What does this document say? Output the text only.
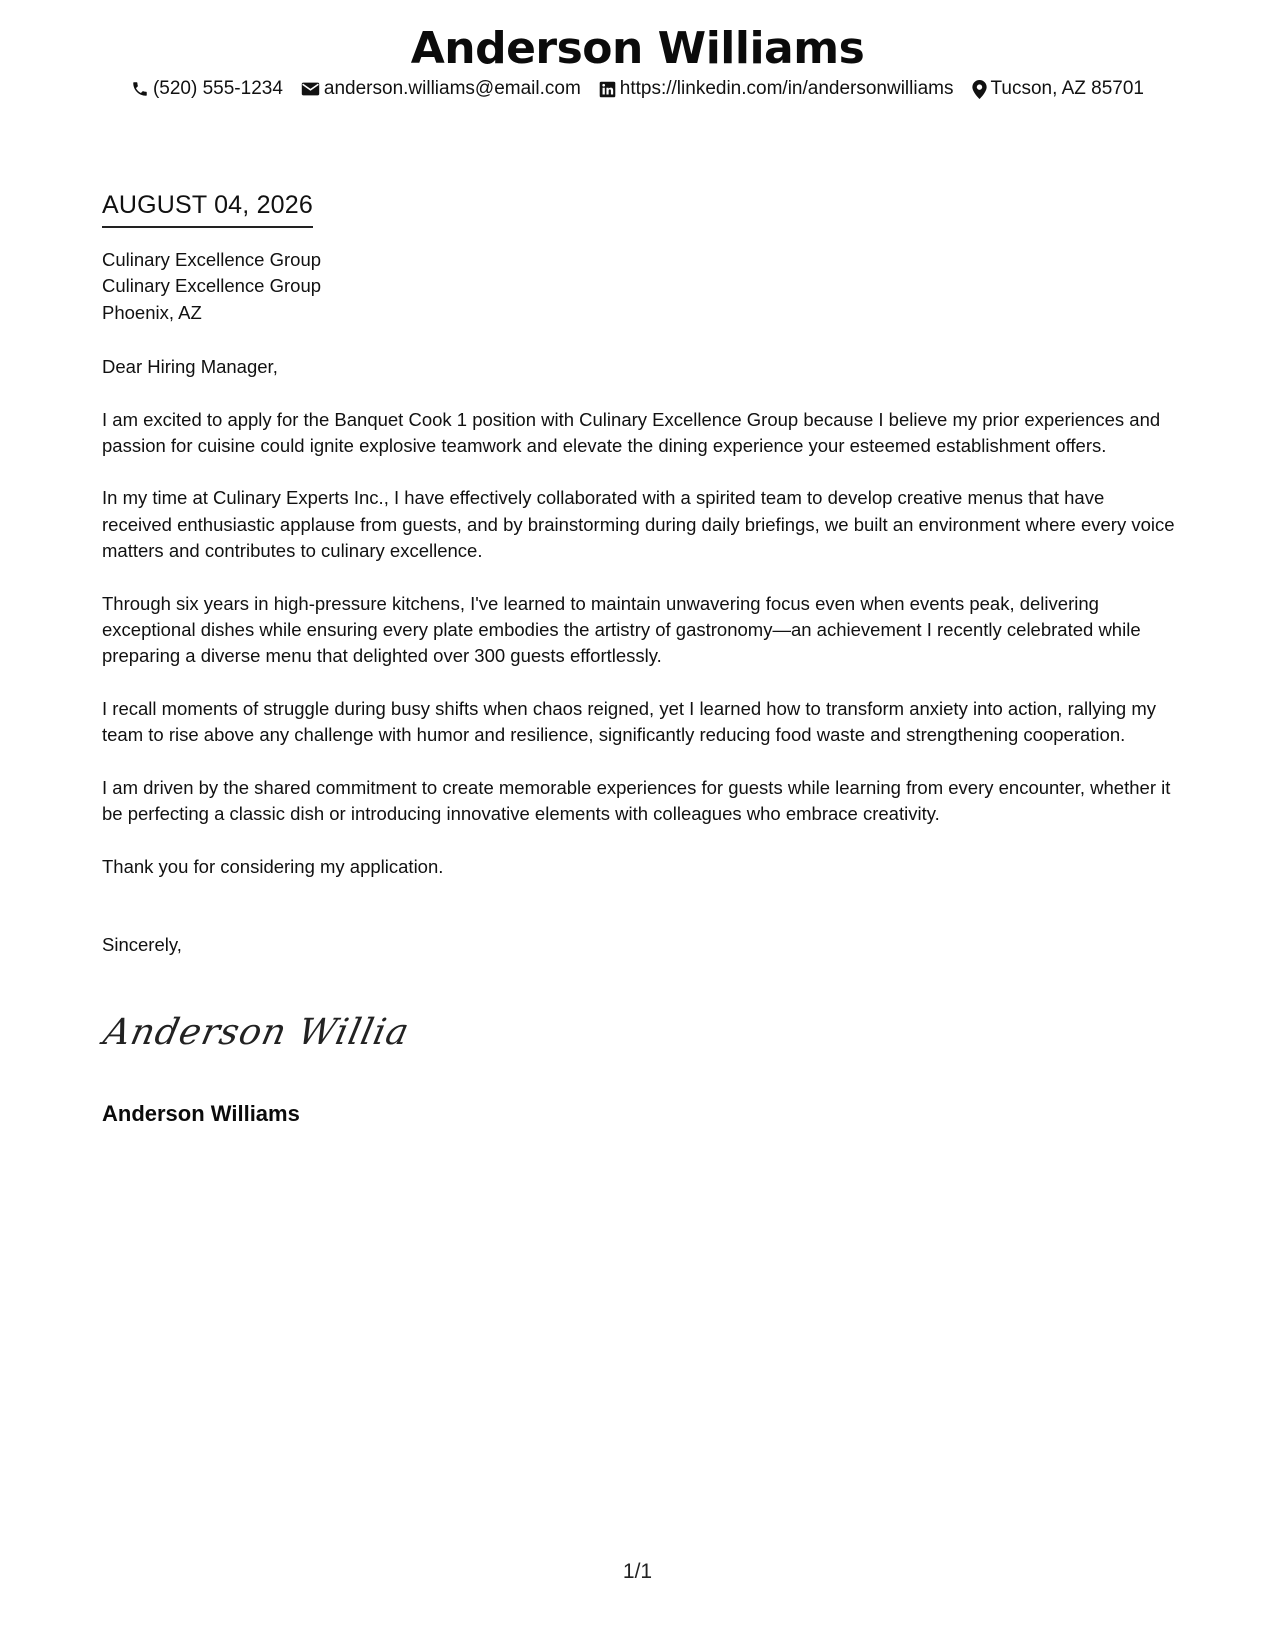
Anderson Williams
(520) 555-1234 anderson.williams@email.com https://linkedin.com/in/andersonwilliams Tucson, AZ 85701
AUGUST 04, 2026
Culinary Excellence Group
Culinary Excellence Group
Phoenix, AZ

Dear Hiring Manager,

I am excited to apply for the Banquet Cook 1 position with Culinary Excellence Group because I believe my prior experiences and passion for cuisine could ignite explosive teamwork and elevate the dining experience your esteemed establishment offers.

In my time at Culinary Experts Inc., I have effectively collaborated with a spirited team to develop creative menus that have received enthusiastic applause from guests, and by brainstorming during daily briefings, we built an environment where every voice matters and contributes to culinary excellence.

Through six years in high-pressure kitchens, I've learned to maintain unwavering focus even when events peak, delivering exceptional dishes while ensuring every plate embodies the artistry of gastronomy—an achievement I recently celebrated while preparing a diverse menu that delighted over 300 guests effortlessly.

I recall moments of struggle during busy shifts when chaos reigned, yet I learned how to transform anxiety into action, rallying my team to rise above any challenge with humor and resilience, significantly reducing food waste and strengthening cooperation.

I am driven by the shared commitment to create memorable experiences for guests while learning from every encounter, whether it be perfecting a classic dish or introducing innovative elements with colleagues who embrace creativity.

Thank you for considering my application.

Sincerely,

Anderson Willia
Anderson Williams
1/1
